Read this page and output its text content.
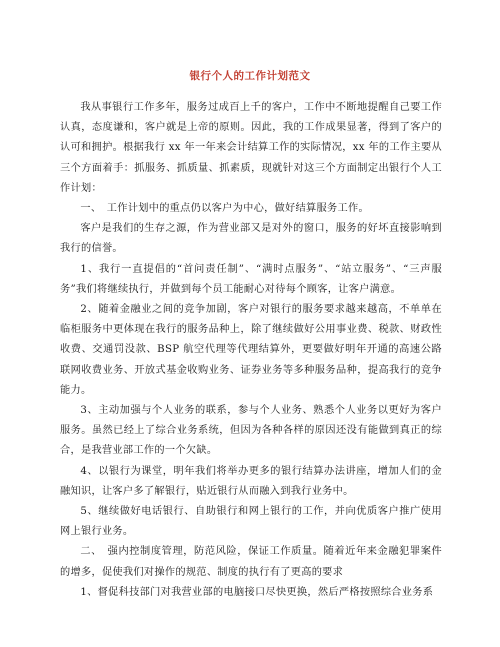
银行个人的工作计划范文

我从事银行工作多年，服务过成百上千的客户，工作中不断地提醒自己要工作认真，态度谦和，客户就是上帝的原则。因此，我的工作成果显著，得到了客户的认可和拥护。根据我行 xx 年一年来会计结算工作的实际情况，xx 年的工作主要从三个方面着手：抓服务、抓质量、抓素质，现就针对这三个方面制定出银行个人工作计划：

一、　工作计划中的重点仍以客户为中心，做好结算服务工作。

客户是我们的生存之源，作为营业部又是对外的窗口，服务的好坏直接影响到我行的信誉。

1、我行一直提倡的“首问责任制”、“满时点服务”、“站立服务”、“三声服务”我们将继续执行，并做到每个员工能耐心对待每个顾客，让客户满意。

2、随着金融业之间的竞争加剧，客户对银行的服务要求越来越高，不单单在临柜服务中更体现在我行的服务品种上，除了继续做好公用事业费、税款、财政性收费、交通罚没款、BSP 航空代理等代理结算外，更要做好明年开通的高速公路联网收费业务、开放式基金收购业务、证券业务等多种服务品种，提高我行的竞争能力。

3、主动加强与个人业务的联系，参与个人业务、熟悉个人业务以更好为客户服务。虽然已经上了综合业务系统，但因为各种各样的原因还没有能做到真正的综合，是我营业部工作的一个欠缺。

4、以银行为课堂，明年我们将举办更多的银行结算办法讲座，增加人们的金融知识，让客户多了解银行，贴近银行从而融入到我行业务中。

5、继续做好电话银行、自助银行和网上银行的工作，并向优质客户推广使用网上银行业务。

二、　强内控制度管理，防范风险，保证工作质量。随着近年来金融犯罪案件的增多，促使我们对操作的规范、制度的执行有了更高的要求

1、督促科技部门对我营业部的电脑接口尽快更换，然后严格按照综合业务系
